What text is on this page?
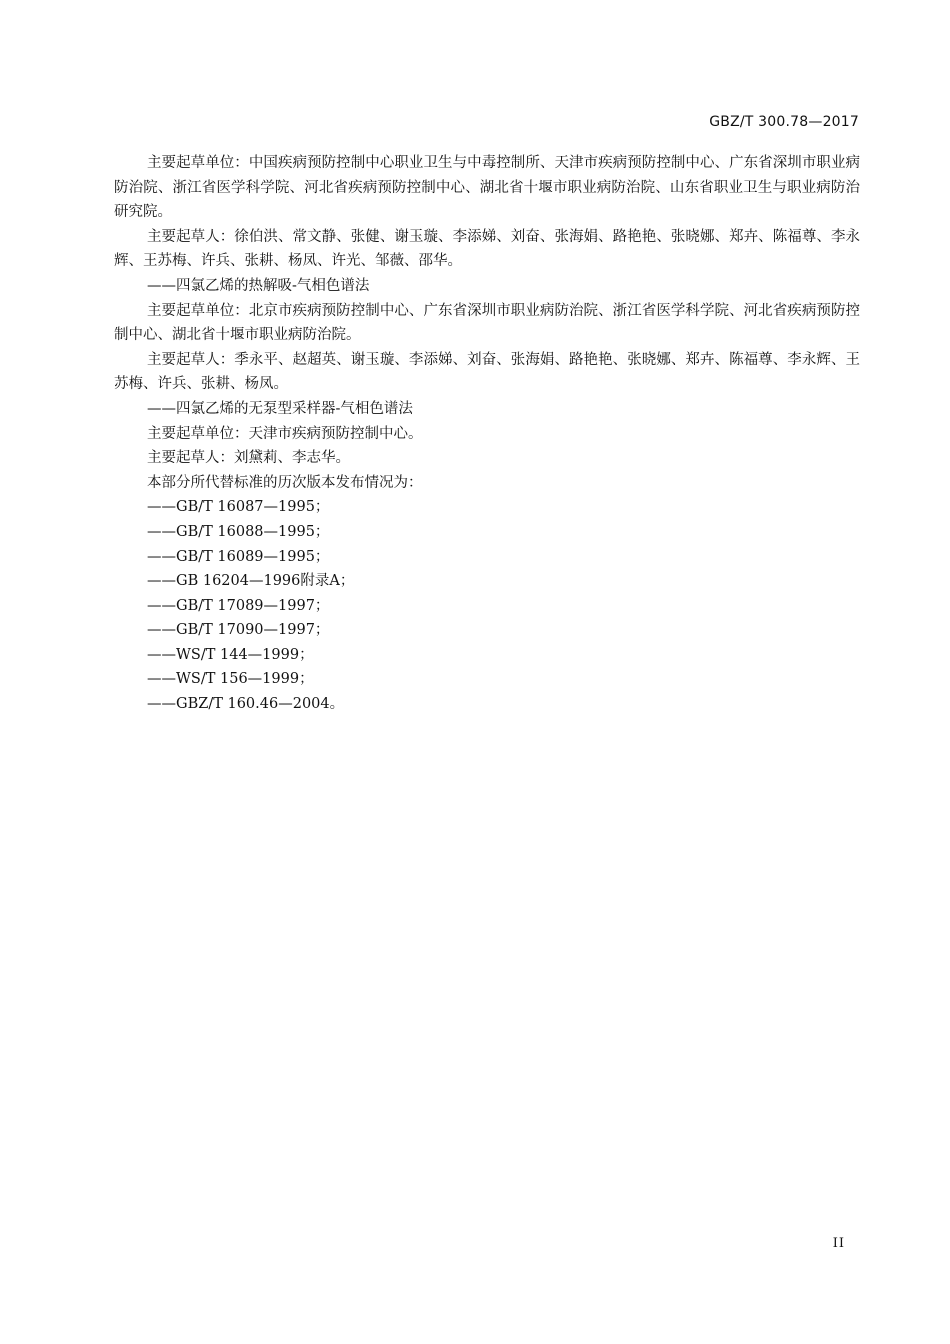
GBZ/T 300.78—2017

主要起草单位：中国疾病预防控制中心职业卫生与中毒控制所、天津市疾病预防控制中心、广东省深圳市职业病防治院、浙江省医学科学院、河北省疾病预防控制中心、湖北省十堰市职业病防治院、山东省职业卫生与职业病防治研究院。

主要起草人：徐伯洪、常文静、张健、谢玉璇、李添娣、刘奋、张海娟、路艳艳、张晓娜、郑卉、陈福尊、李永辉、王苏梅、许兵、张耕、杨凤、许光、邹薇、邵华。

——四氯乙烯的热解吸-气相色谱法

主要起草单位：北京市疾病预防控制中心、广东省深圳市职业病防治院、浙江省医学科学院、河北省疾病预防控制中心、湖北省十堰市职业病防治院。

主要起草人：季永平、赵超英、谢玉璇、李添娣、刘奋、张海娟、路艳艳、张晓娜、郑卉、陈福尊、李永辉、王苏梅、许兵、张耕、杨凤。

——四氯乙烯的无泵型采样器-气相色谱法

主要起草单位：天津市疾病预防控制中心。

主要起草人：刘黛莉、李志华。

本部分所代替标准的历次版本发布情况为：

——GB/T 16087—1995；
——GB/T 16088—1995；
——GB/T 16089—1995；
——GB 16204—1996附录A；
——GB/T 17089—1997；
——GB/T 17090—1997；
——WS/T 144—1999；
——WS/T 156—1999；
——GBZ/T 160.46—2004。
II
